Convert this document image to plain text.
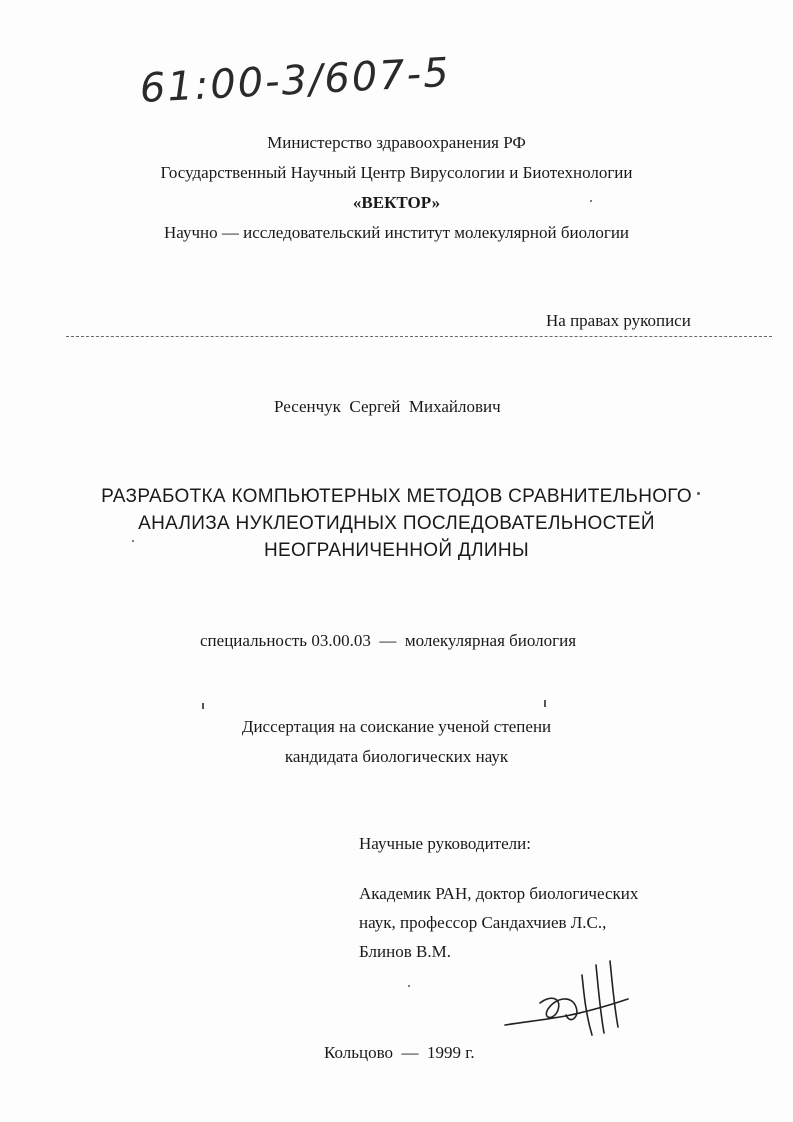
61:00-3/607-5
Министерство здравоохранения РФ
Государственный Научный Центр Вирусологии и Биотехнологии
«ВЕКТОР»
Научно — исследовательский институт молекулярной биологии
На правах рукописи
Ресенчук  Сергей  Михайлович
РАЗРАБОТКА КОМПЬЮТЕРНЫХ МЕТОДОВ СРАВНИТЕЛЬНОГО
АНАЛИЗА НУКЛЕОТИДНЫХ ПОСЛЕДОВАТЕЛЬНОСТЕЙ
НЕОГРАНИЧЕННОЙ ДЛИНЫ
специальность 03.00.03  —  молекулярная биология
Диссертация на соискание ученой степени
кандидата биологических наук
Научные руководители:
Академик РАН, доктор биологических
наук, профессор Сандахчиев Л.С.,
Блинов В.М.
Кольцово  —  1999 г.
